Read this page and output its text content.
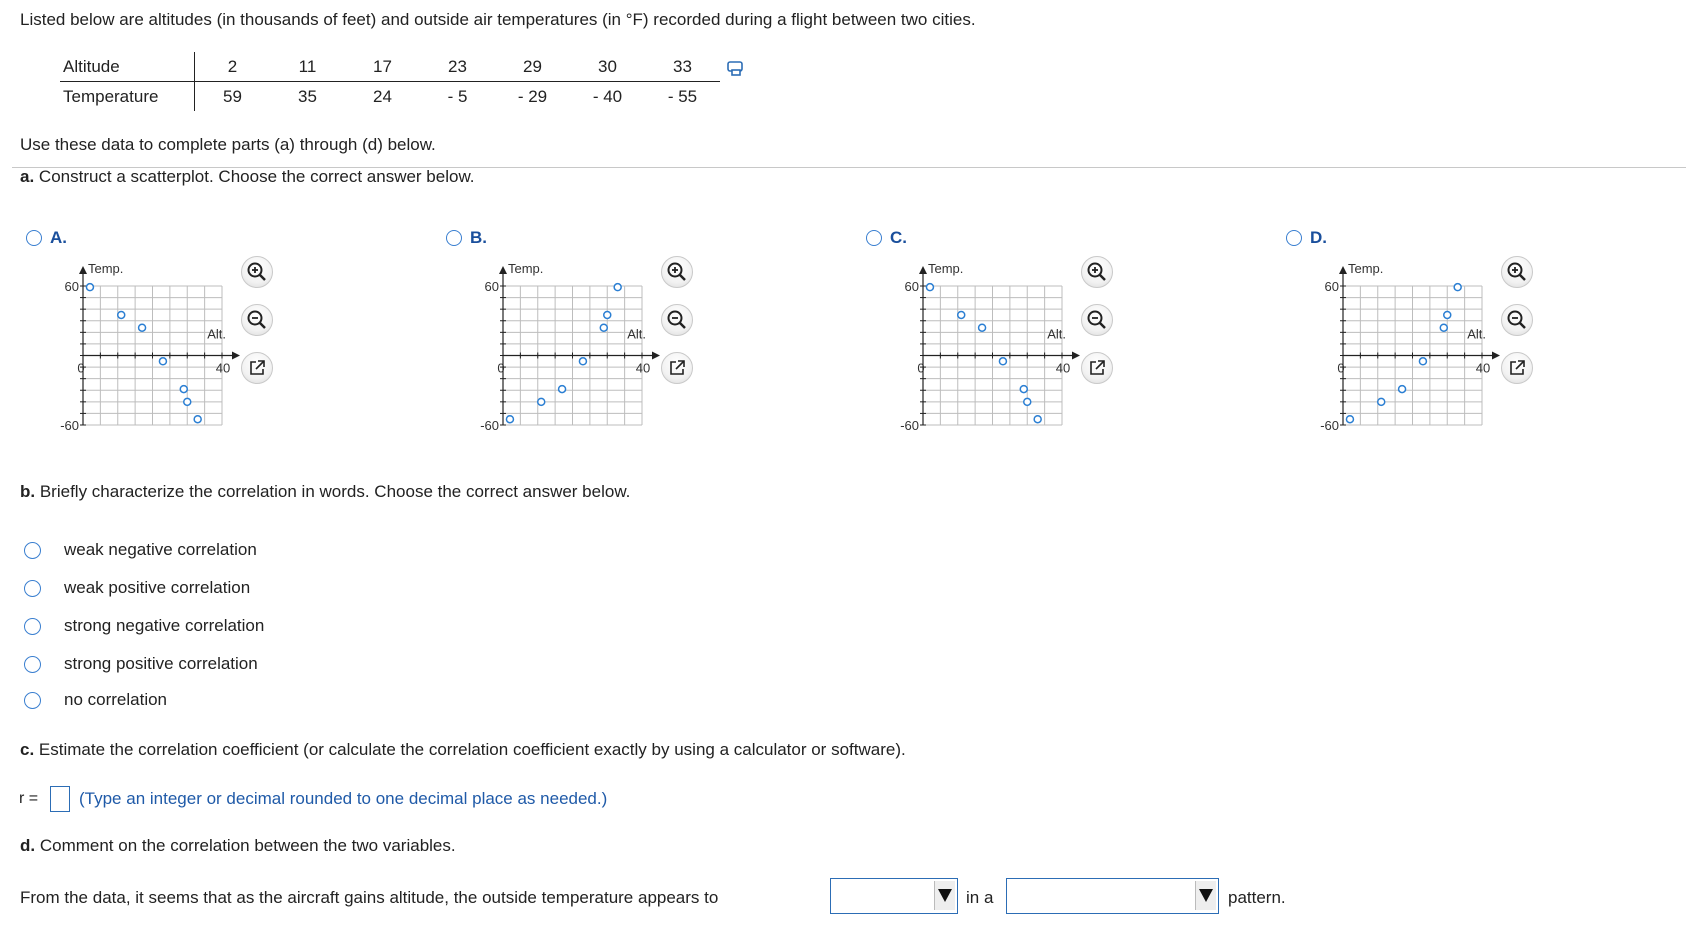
Listed below are altitudes (in thousands of feet) and outside air temperatures (in °F) recorded during a flight between two cities.
Altitude	2	11	17	23	29	30	33
Temperature	59	35	24	- 5	- 29	- 40	- 55
Use these data to complete parts (a) through (d) below.
a. Construct a scatterplot. Choose the correct answer below.
A.
Temp.
Alt.
60
-60
0	40
B.
Temp.
Alt.
60
-60
0	40
C.
Temp.
Alt.
60
-60
0	40
D.
Temp.
Alt.
60
-60
0	40
b. Briefly characterize the correlation in words. Choose the correct answer below.
weak negative correlation
weak positive correlation
strong negative correlation
strong positive correlation
no correlation
c. Estimate the correlation coefficient (or calculate the correlation coefficient exactly by using a calculator or software).
r = (Type an integer or decimal rounded to one decimal place as needed.)
d. Comment on the correlation between the two variables.
From the data, it seems that as the aircraft gains altitude, the outside temperature appears to	in a	pattern.
